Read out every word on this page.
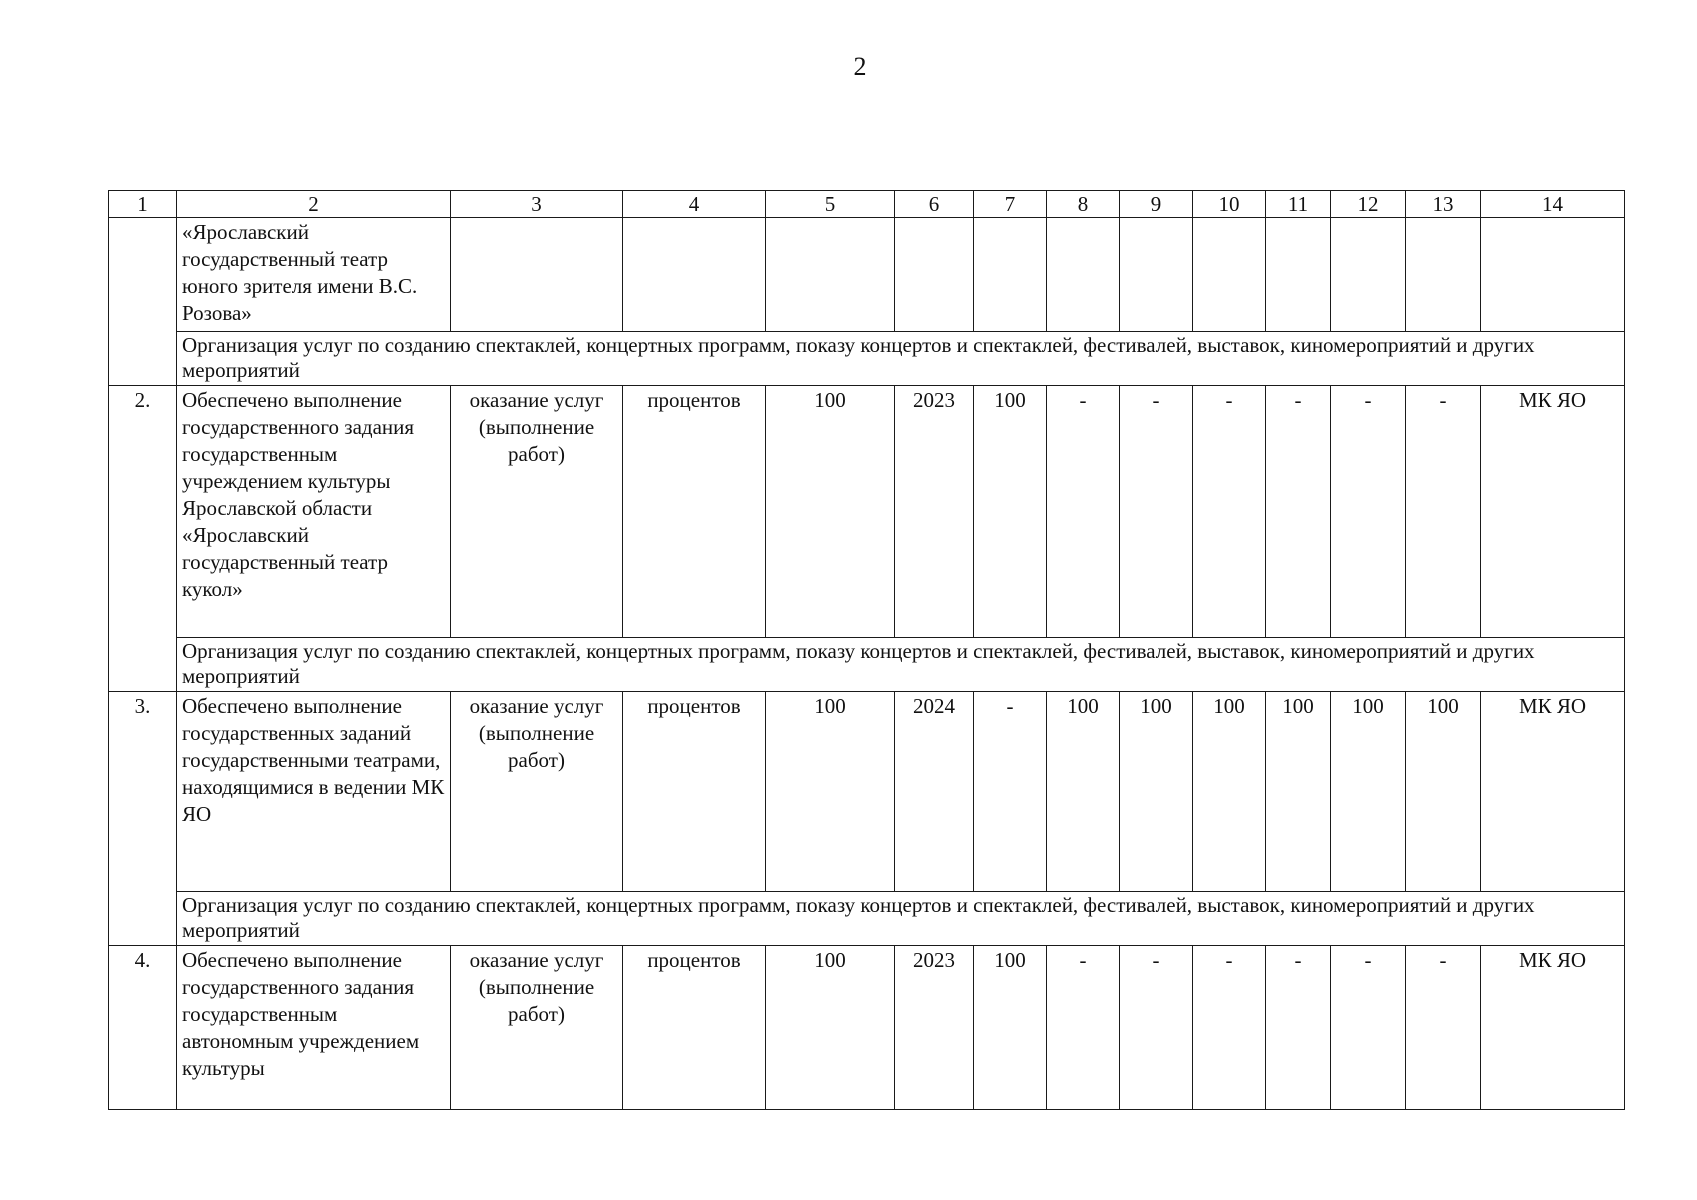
2
1	2	3	4	5	6	7	8	9	10	11	12	13	14
	«Ярославский государственный театр юного зрителя имени В.С. Розова»												
	Организация услуг по созданию спектаклей, концертных программ, показу концертов и спектаклей, фестивалей, выставок, киномероприятий и других мероприятий												
2.	Обеспечено выполнение государственного задания государственным учреждением культуры Ярославской области «Ярославский государственный театр кукол»	оказание услуг (выполнение работ)	процентов	100	2023	100	-	-	-	-	-	-	МК ЯО
	Организация услуг по созданию спектаклей, концертных программ, показу концертов и спектаклей, фестивалей, выставок, киномероприятий и других мероприятий												
3.	Обеспечено выполнение государственных заданий государственными театрами, находящимися в ведении МК ЯО	оказание услуг (выполнение работ)	процентов	100	2024	-	100	100	100	100	100	100	МК ЯО
	Организация услуг по созданию спектаклей, концертных программ, показу концертов и спектаклей, фестивалей, выставок, киномероприятий и других мероприятий												
4.	Обеспечено выполнение государственного задания государственным автономным учреждением культуры	оказание услуг (выполнение работ)	процентов	100	2023	100	-	-	-	-	-	-	МК ЯО
